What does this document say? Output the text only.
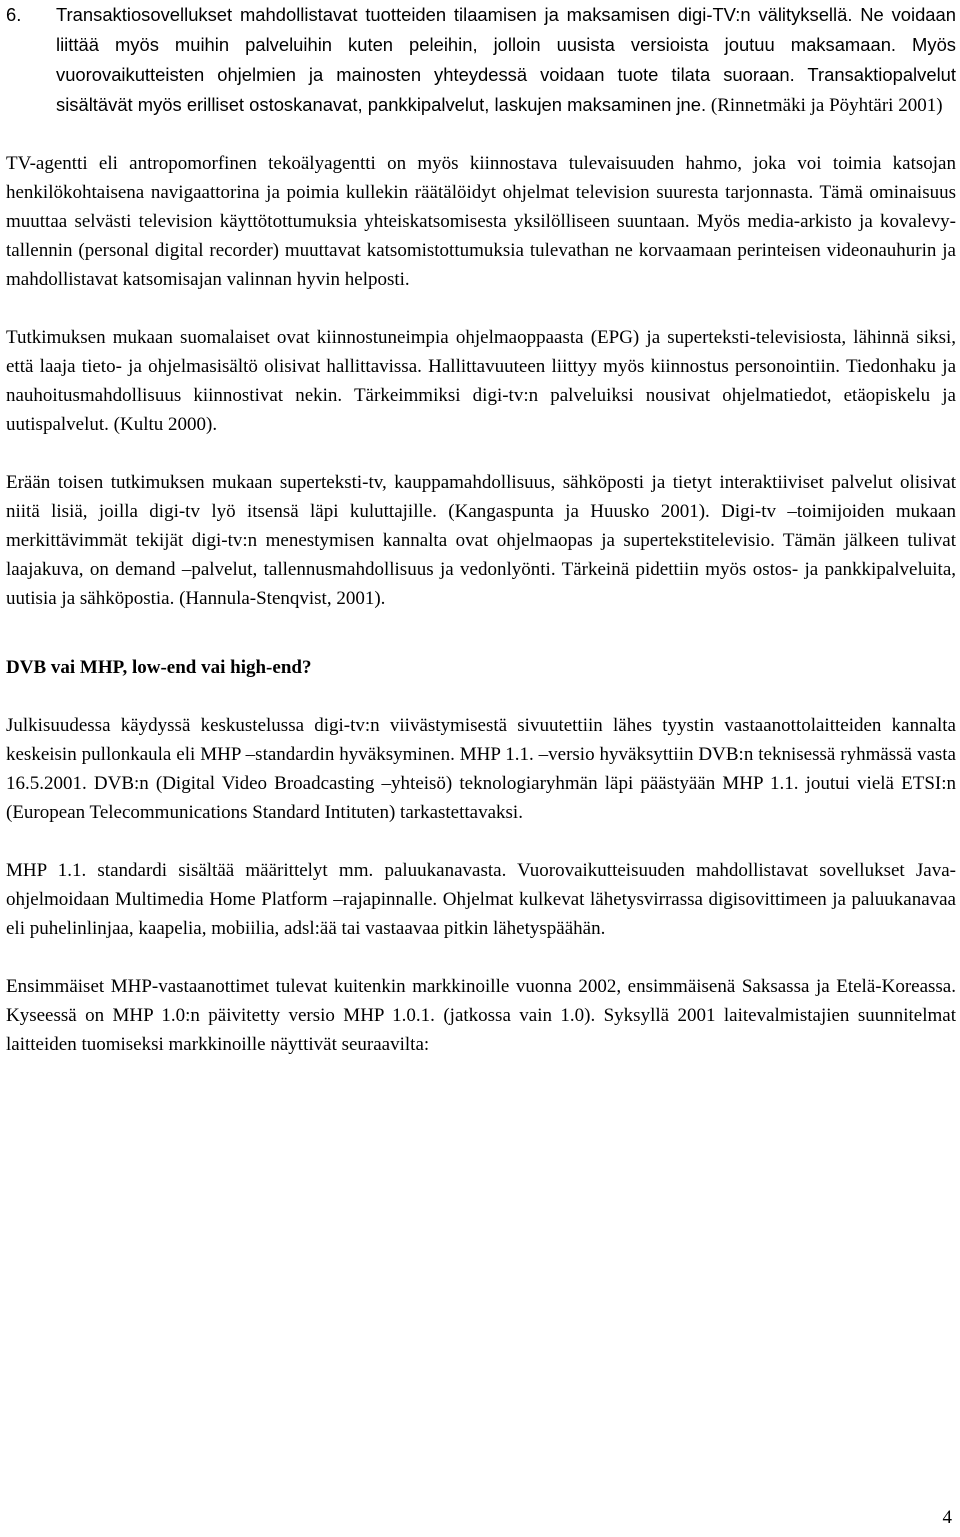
6.	Transaktiosovellukset mahdollistavat tuotteiden tilaamisen ja maksamisen digi-TV:n välityksellä. Ne voidaan liittää myös muihin palveluihin kuten peleihin, jolloin uusista versioista joutuu maksamaan. Myös vuorovaikutteisten ohjelmien ja mainosten yhteydessä voidaan tuote tilata suoraan. Transaktiopalvelut sisältävät myös erilliset ostoskanavat, pankkipalvelut, laskujen maksaminen jne. (Rinnetmäki ja Pöyhtäri 2001)

TV-agentti eli antropomorfinen tekoälyagentti on myös kiinnostava tulevaisuuden hahmo, joka voi toimia katsojan henkilökohtaisena navigaattorina ja poimia kullekin räätälöidyt ohjelmat television suuresta tarjonnasta. Tämä ominaisuus muuttaa selvästi television käyttötottumuksia yhteiskatsomisesta yksilölliseen suuntaan. Myös media-arkisto ja kovalevytallennin (personal digital recorder) muuttavat katsomistottumuksia tulevathan ne korvaamaan perinteisen videonauhurin ja mahdollistavat katsomisajan valinnan hyvin helposti.

Tutkimuksen mukaan suomalaiset ovat kiinnostuneimpia ohjelmaoppaasta (EPG) ja superteksti-televisiosta, lähinnä siksi, että laaja tieto- ja ohjelmasisältö olisivat hallittavissa. Hallittavuuteen liittyy myös kiinnostus personointiin. Tiedonhaku ja nauhoitusmahdollisuus kiinnostivat nekin. Tärkeimmiksi digi-tv:n palveluiksi nousivat ohjelmatiedot, etäopiskelu ja uutispalvelut. (Kultu 2000).

Erään toisen tutkimuksen mukaan superteksti-tv, kauppamahdollisuus, sähköposti ja tietyt interaktiiviset palvelut olisivat niitä lisiä, joilla digi-tv lyö itsensä läpi kuluttajille. (Kangaspunta ja Huusko 2001). Digi-tv –toimijoiden mukaan merkittävimmät tekijät digi-tv:n menestymisen kannalta ovat ohjelmaopas ja supertekstitelevisio. Tämän jälkeen tulivat laajakuva, on demand –palvelut, tallennusmahdollisuus ja vedonlyönti. Tärkeinä pidettiin myös ostos- ja pankkipalveluita, uutisia ja sähköpostia. (Hannula-Stenqvist, 2001).

DVB vai MHP, low-end vai high-end?

Julkisuudessa käydyssä keskustelussa digi-tv:n viivästymisestä sivuutettiin lähes tyystin vastaanottolaitteiden kannalta keskeisin pullonkaula eli MHP –standardin hyväksyminen. MHP 1.1. –versio hyväksyttiin DVB:n teknisessä ryhmässä vasta 16.5.2001. DVB:n (Digital Video Broadcasting –yhteisö) teknologiaryhmän läpi päästyään MHP 1.1. joutui vielä ETSI:n (European Telecommunications Standard Intituten) tarkastettavaksi.

MHP 1.1. standardi sisältää määrittelyt mm. paluukanavasta. Vuorovaikutteisuuden mahdollistavat sovellukset Java-ohjelmoidaan Multimedia Home Platform –rajapinnalle. Ohjelmat kulkevat lähetysvirrassa digisovittimeen ja paluukanavaa eli puhelinlinjaa, kaapelia, mobiilia, adsl:ää tai vastaavaa pitkin lähetyspäähän.

Ensimmäiset MHP-vastaanottimet tulevat kuitenkin markkinoille vuonna 2002, ensimmäisenä Saksassa ja Etelä-Koreassa. Kyseessä on MHP 1.0:n päivitetty versio MHP 1.0.1. (jatkossa vain 1.0). Syksyllä 2001 laitevalmistajien suunnitelmat laitteiden tuomiseksi markkinoille näyttivät seuraavilta:

4
